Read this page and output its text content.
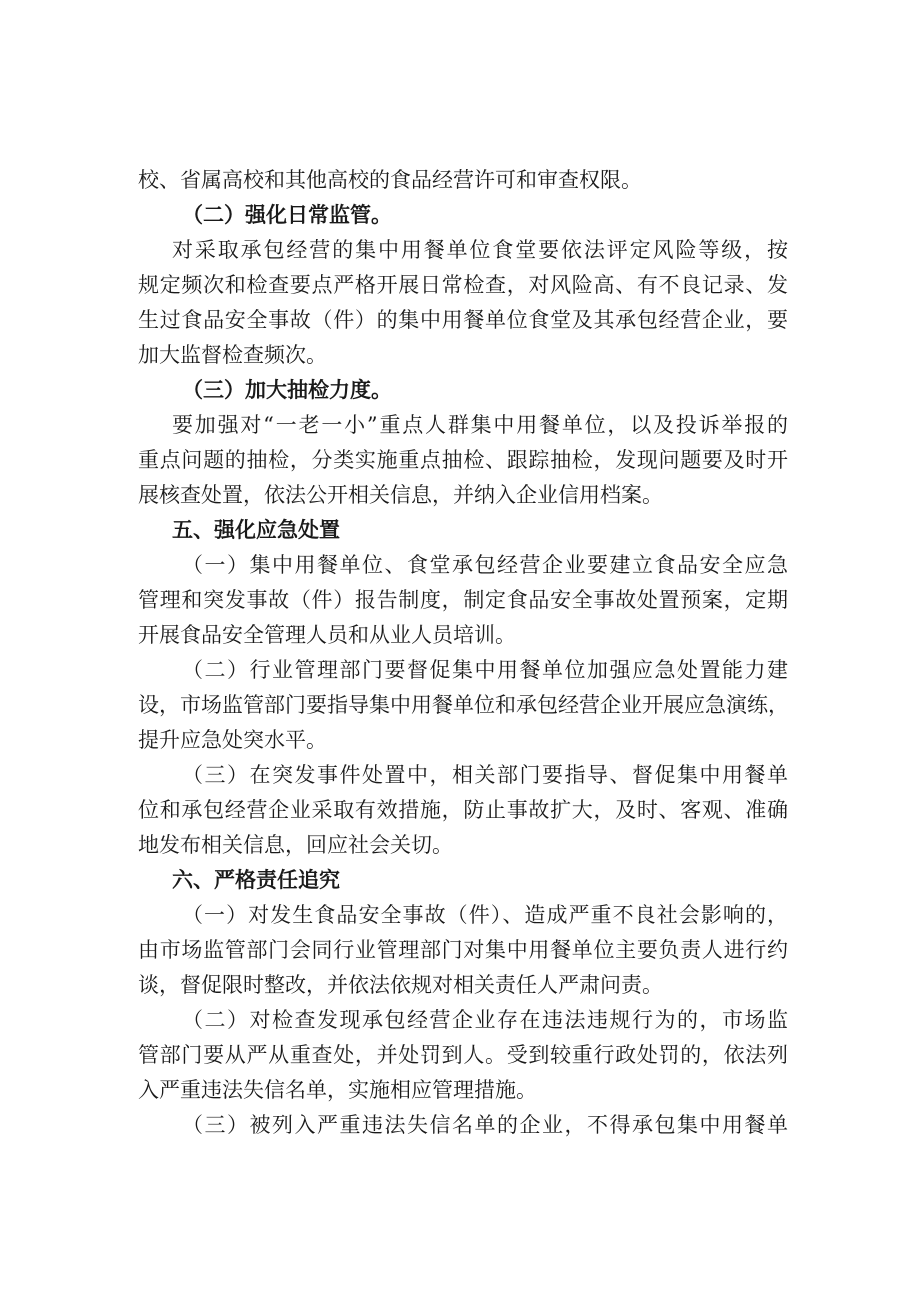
校、省属高校和其他高校的食品经营许可和审查权限。
（二）强化日常监管。
对采取承包经营的集中用餐单位食堂要依法评定风险等级，按
规定频次和检查要点严格开展日常检查，对风险高、有不良记录、发
生过食品安全事故（件）的集中用餐单位食堂及其承包经营企业，要
加大监督检查频次。
（三）加大抽检力度。
要加强对“一老一小”重点人群集中用餐单位，以及投诉举报的
重点问题的抽检，分类实施重点抽检、跟踪抽检，发现问题要及时开
展核查处置，依法公开相关信息，并纳入企业信用档案。
五、强化应急处置
（一）集中用餐单位、食堂承包经营企业要建立食品安全应急
管理和突发事故（件）报告制度，制定食品安全事故处置预案，定期
开展食品安全管理人员和从业人员培训。
（二）行业管理部门要督促集中用餐单位加强应急处置能力建
设，市场监管部门要指导集中用餐单位和承包经营企业开展应急演练，
提升应急处突水平。
（三）在突发事件处置中，相关部门要指导、督促集中用餐单
位和承包经营企业采取有效措施，防止事故扩大，及时、客观、准确
地发布相关信息，回应社会关切。
六、严格责任追究
（一）对发生食品安全事故（件）、造成严重不良社会影响的，
由市场监管部门会同行业管理部门对集中用餐单位主要负责人进行约
谈，督促限时整改，并依法依规对相关责任人严肃问责。
（二）对检查发现承包经营企业存在违法违规行为的，市场监
管部门要从严从重查处，并处罚到人。受到较重行政处罚的，依法列
入严重违法失信名单，实施相应管理措施。
（三）被列入严重违法失信名单的企业，不得承包集中用餐单
